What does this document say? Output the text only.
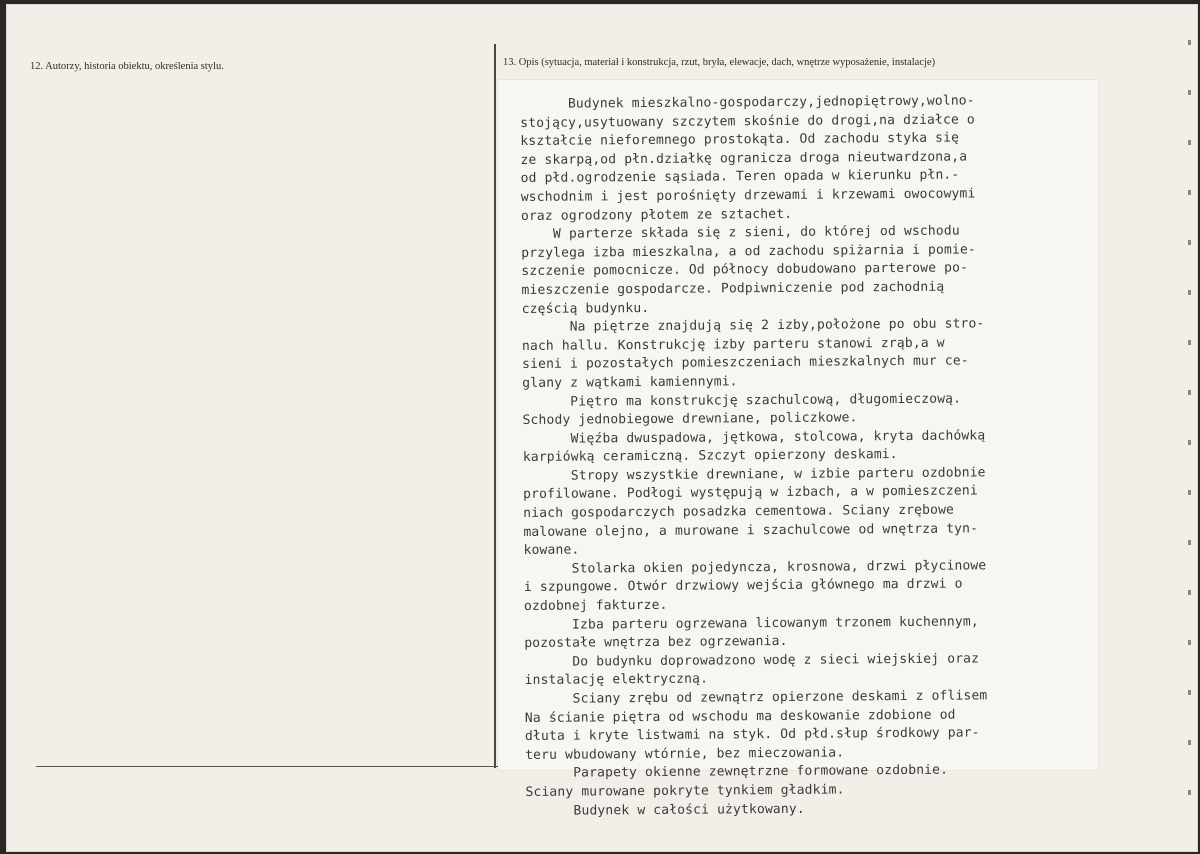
12. Autorzy, historia obiektu, określenia stylu.	13. Opis (sytuacja, materiał i konstrukcja, rzut, bryła, elewacje, dach, wnętrze wyposażenie, instalacje)
Budynek mieszkalno-gospodarczy,jednopiętrowy,wolno-
stojący,usytuowany szczytem skośnie do drogi,na działce o
kształcie nieforemnego prostokąta. Od zachodu styka się
ze skarpą,od płn.działkę ogranicza droga nieutwardzona,a
od płd.ogrodzenie sąsiada. Teren opada w kierunku płn.-
wschodnim i jest porośnięty drzewami i krzewami owocowymi
oraz ogrodzony płotem ze sztachet.
W parterze składa się z sieni, do której od wschodu
przylega izba mieszkalna, a od zachodu spiżarnia i pomie-
szczenie pomocnicze. Od północy dobudowano parterowe po-
mieszczenie gospodarcze. Podpiwniczenie pod zachodnią
częścią budynku.
Na piętrze znajdują się 2 izby,położone po obu stro-
nach hallu. Konstrukcję izby parteru stanowi zrąb,a w
sieni i pozostałych pomieszczeniach mieszkalnych mur ce-
glany z wątkami kamiennymi.
Piętro ma konstrukcję szachulcową, długomieczową.
Schody jednobiegowe drewniane, policzkowe.
Więźba dwuspadowa, jętkowa, stolcowa, kryta dachówką
karpiówką ceramiczną. Szczyt opierzony deskami.
Stropy wszystkie drewniane, w izbie parteru ozdobnie
profilowane. Podłogi występują w izbach, a w pomieszczeni
niach gospodarczych posadzka cementowa. Sciany zrębowe
malowane olejno, a murowane i szachulcowe od wnętrza tyn-
kowane.
Stolarka okien pojedyncza, krosnowa, drzwi płycinowe
i szpungowe. Otwór drzwiowy wejścia głównego ma drzwi o
ozdobnej fakturze.
Izba parteru ogrzewana licowanym trzonem kuchennym,
pozostałe wnętrza bez ogrzewania.
Do budynku doprowadzono wodę z sieci wiejskiej oraz
instalację elektryczną.
Sciany zrębu od zewnątrz opierzone deskami z oflisem
Na ścianie piętra od wschodu ma deskowanie zdobione od
dłuta i kryte listwami na styk. Od płd.słup środkowy par-
teru wbudowany wtórnie, bez mieczowania.
Parapety okienne zewnętrzne formowane ozdobnie.
Sciany murowane pokryte tynkiem gładkim.
Budynek w całości użytkowany.
